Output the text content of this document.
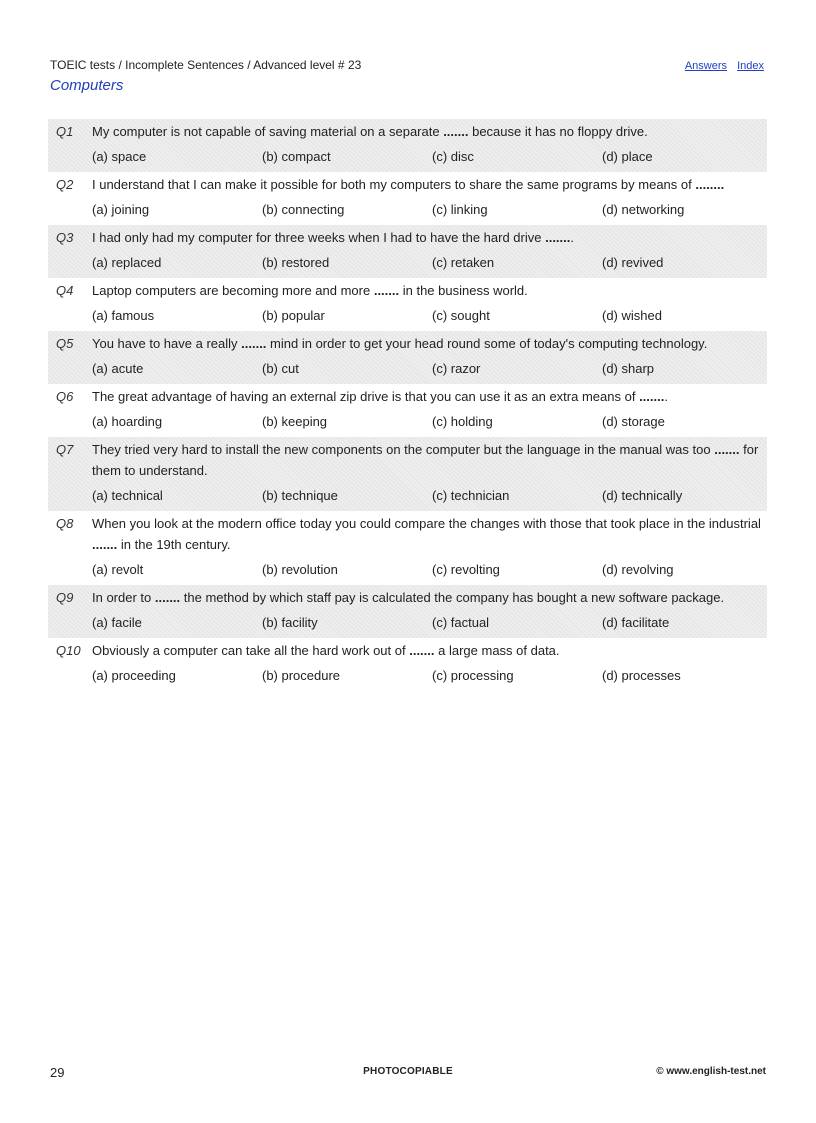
TOEIC tests / Incomplete Sentences / Advanced level # 23	Answers Index
Computers
Q1	My computer is not capable of saving material on a separate ....... because it has no floppy drive.
(a) space	(b) compact	(c) disc	(d) place
Q2	I understand that I can make it possible for both my computers to share the same programs by means of ........
(a) joining	(b) connecting	(c) linking	(d) networking
Q3	I had only had my computer for three weeks when I had to have the hard drive ........
(a) replaced	(b) restored	(c) retaken	(d) revived
Q4	Laptop computers are becoming more and more ....... in the business world.
(a) famous	(b) popular	(c) sought	(d) wished
Q5	You have to have a really ....... mind in order to get your head round some of today's computing technology.
(a) acute	(b) cut	(c) razor	(d) sharp
Q6	The great advantage of having an external zip drive is that you can use it as an extra means of ........
(a) hoarding	(b) keeping	(c) holding	(d) storage
Q7	They tried very hard to install the new components on the computer but the language in the manual was too ....... for them to understand.
(a) technical	(b) technique	(c) technician	(d) technically
Q8	When you look at the modern office today you could compare the changes with those that took place in the industrial ....... in the 19th century.
(a) revolt	(b) revolution	(c) revolting	(d) revolving
Q9	In order to ....... the method by which staff pay is calculated the company has bought a new software package.
(a) facile	(b) facility	(c) factual	(d) facilitate
Q10 Obviously a computer can take all the hard work out of ....... a large mass of data.
(a) proceeding	(b) procedure	(c) processing	(d) processes
29	PHOTOCOPIABLE	© www.english-test.net
